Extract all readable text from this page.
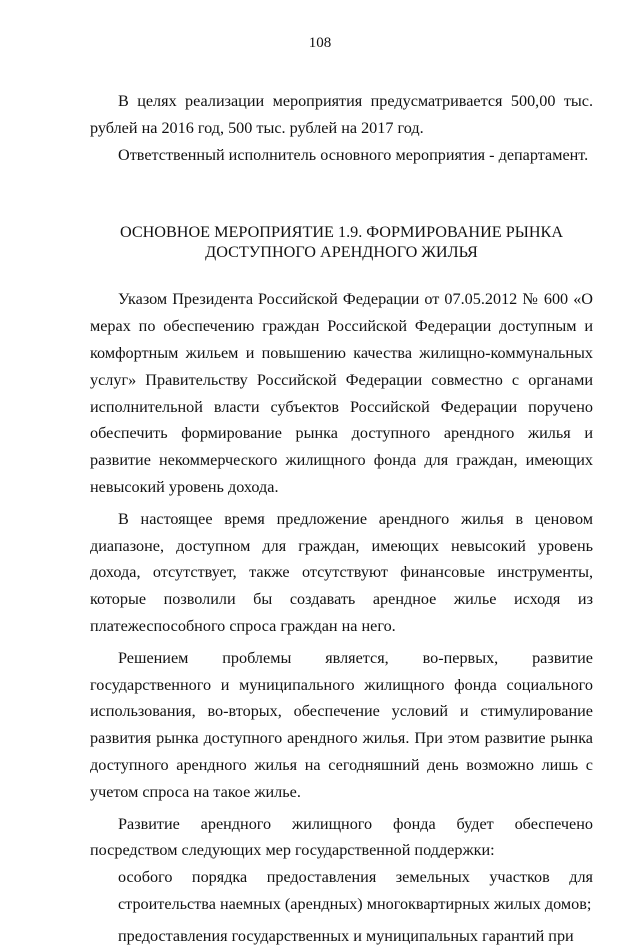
108

В целях реализации мероприятия предусматривается 500,00 тыс. рублей на 2016 год, 500 тыс. рублей на 2017 год.

Ответственный исполнитель основного мероприятия - департамент.

ОСНОВНОЕ МЕРОПРИЯТИЕ 1.9. ФОРМИРОВАНИЕ РЫНКА
ДОСТУПНОГО АРЕНДНОГО ЖИЛЬЯ

Указом Президента Российской Федерации от 07.05.2012 № 600 «О мерах по обеспечению граждан Российской Федерации доступным и комфортным жильем и повышению качества жилищно-коммунальных услуг» Правительству Российской Федерации совместно с органами исполнительной власти субъектов Российской Федерации поручено обеспечить формирование рынка доступного арендного жилья и развитие некоммерческого жилищного фонда для граждан, имеющих невысокий уровень дохода.

В настоящее время предложение арендного жилья в ценовом диапазоне, доступном для граждан, имеющих невысокий уровень дохода, отсутствует, также отсутствуют финансовые инструменты, которые позволили бы создавать арендное жилье исходя из платежеспособного спроса граждан на него.

Решением проблемы является, во-первых, развитие государственного и муниципального жилищного фонда социального использования, во-вторых, обеспечение условий и стимулирование развития рынка доступного арендного жилья. При этом развитие рынка доступного арендного жилья на сегодняшний день возможно лишь с учетом спроса на такое жилье.

Развитие арендного жилищного фонда будет обеспечено посредством следующих мер государственной поддержки:

особого порядка предоставления земельных участков для строительства наемных (арендных) многоквартирных жилых домов;

предоставления государственных и муниципальных гарантий при
